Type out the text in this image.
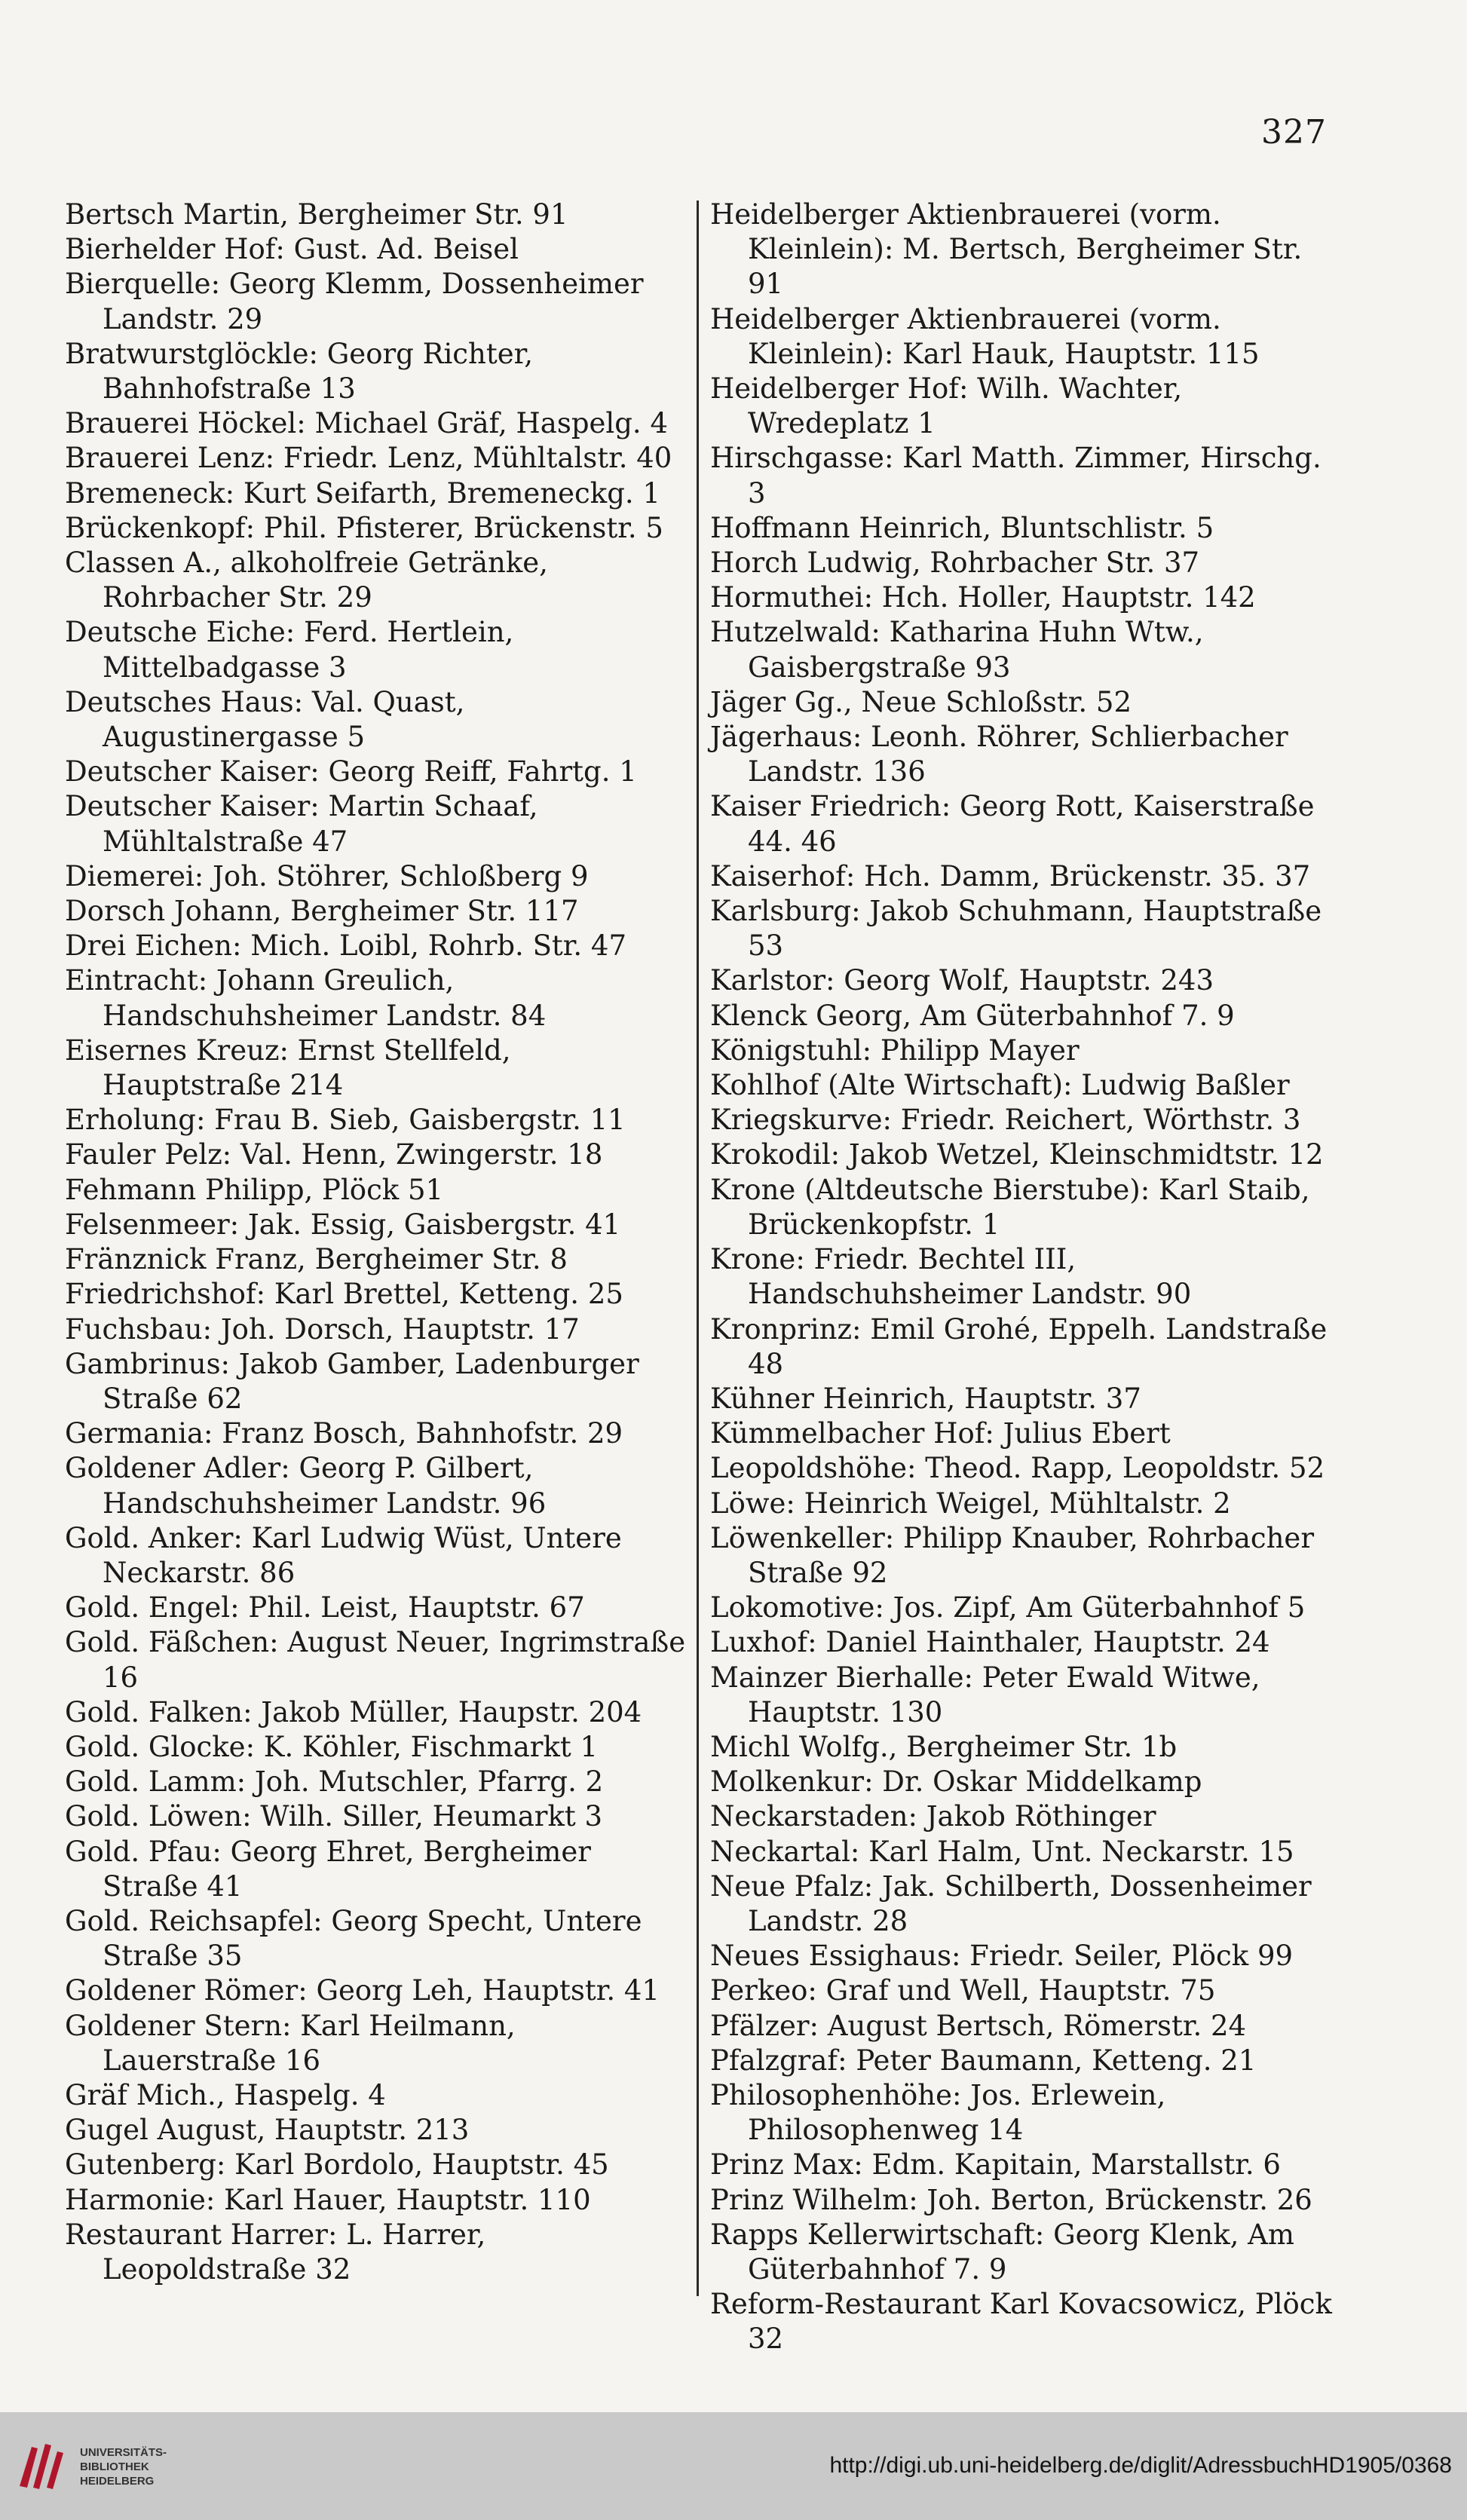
327
Bertsch Martin, Bergheimer Str. 91
Bierhelder Hof: Gust. Ad. Beisel
Bierquelle: Georg Klemm, Dossenheimer Landstr. 29
Bratwurstglöckle: Georg Richter, Bahnhofstraße 13
Brauerei Höckel: Michael Gräf, Haspelg. 4
Brauerei Lenz: Friedr. Lenz, Mühltalstr. 40
Bremeneck: Kurt Seifarth, Bremeneckg. 1
Brückenkopf: Phil. Pfisterer, Brückenstr. 5
Classen A., alkoholfreie Getränke, Rohrbacher Str. 29
Deutsche Eiche: Ferd. Hertlein, Mittelbadgasse 3
Deutsches Haus: Val. Quast, Augustinergasse 5
Deutscher Kaiser: Georg Reiff, Fahrtg. 1
Deutscher Kaiser: Martin Schaaf, Mühltalstraße 47
Diemerei: Joh. Stöhrer, Schloßberg 9
Dorsch Johann, Bergheimer Str. 117
Drei Eichen: Mich. Loibl, Rohrb. Str. 47
Eintracht: Johann Greulich, Handschuhsheimer Landstr. 84
Eisernes Kreuz: Ernst Stellfeld, Hauptstraße 214
Erholung: Frau B. Sieb, Gaisbergstr. 11
Fauler Pelz: Val. Henn, Zwingerstr. 18
Fehmann Philipp, Plöck 51
Felsenmeer: Jak. Essig, Gaisbergstr. 41
Fränznick Franz, Bergheimer Str. 8
Friedrichshof: Karl Brettel, Ketteng. 25
Fuchsbau: Joh. Dorsch, Hauptstr. 17
Gambrinus: Jakob Gamber, Ladenburger Straße 62
Germania: Franz Bosch, Bahnhofstr. 29
Goldener Adler: Georg P. Gilbert, Handschuhsheimer Landstr. 96
Gold. Anker: Karl Ludwig Wüst, Untere Neckarstr. 86
Gold. Engel: Phil. Leist, Hauptstr. 67
Gold. Fäßchen: August Neuer, Ingrimstraße 16
Gold. Falken: Jakob Müller, Haupstr. 204
Gold. Glocke: K. Köhler, Fischmarkt 1
Gold. Lamm: Joh. Mutschler, Pfarrg. 2
Gold. Löwen: Wilh. Siller, Heumarkt 3
Gold. Pfau: Georg Ehret, Bergheimer Straße 41
Gold. Reichsapfel: Georg Specht, Untere Straße 35
Goldener Römer: Georg Leh, Hauptstr. 41
Goldener Stern: Karl Heilmann, Lauerstraße 16
Gräf Mich., Haspelg. 4
Gugel August, Hauptstr. 213
Gutenberg: Karl Bordolo, Hauptstr. 45
Harmonie: Karl Hauer, Hauptstr. 110
Restaurant Harrer: L. Harrer, Leopoldstraße 32
Heidelberger Aktienbrauerei (vorm. Kleinlein): M. Bertsch, Bergheimer Str. 91
Heidelberger Aktienbrauerei (vorm. Kleinlein): Karl Hauk, Hauptstr. 115
Heidelberger Hof: Wilh. Wachter, Wredeplatz 1
Hirschgasse: Karl Matth. Zimmer, Hirschg. 3
Hoffmann Heinrich, Bluntschlistr. 5
Horch Ludwig, Rohrbacher Str. 37
Hormuthei: Hch. Holler, Hauptstr. 142
Hutzelwald: Katharina Huhn Wtw., Gaisbergstraße 93
Jäger Gg., Neue Schloßstr. 52
Jägerhaus: Leonh. Röhrer, Schlierbacher Landstr. 136
Kaiser Friedrich: Georg Rott, Kaiserstraße 44. 46
Kaiserhof: Hch. Damm, Brückenstr. 35. 37
Karlsburg: Jakob Schuhmann, Hauptstraße 53
Karlstor: Georg Wolf, Hauptstr. 243
Klenck Georg, Am Güterbahnhof 7. 9
Königstuhl: Philipp Mayer
Kohlhof (Alte Wirtschaft): Ludwig Baßler
Kriegskurve: Friedr. Reichert, Wörthstr. 3
Krokodil: Jakob Wetzel, Kleinschmidtstr. 12
Krone (Altdeutsche Bierstube): Karl Staib, Brückenkopfstr. 1
Krone: Friedr. Bechtel III, Handschuhsheimer Landstr. 90
Kronprinz: Emil Grohé, Eppelh. Landstraße 48
Kühner Heinrich, Hauptstr. 37
Kümmelbacher Hof: Julius Ebert
Leopoldshöhe: Theod. Rapp, Leopoldstr. 52
Löwe: Heinrich Weigel, Mühltalstr. 2
Löwenkeller: Philipp Knauber, Rohrbacher Straße 92
Lokomotive: Jos. Zipf, Am Güterbahnhof 5
Luxhof: Daniel Hainthaler, Hauptstr. 24
Mainzer Bierhalle: Peter Ewald Witwe, Hauptstr. 130
Michl Wolfg., Bergheimer Str. 1b
Molkenkur: Dr. Oskar Middelkamp
Neckarstaden: Jakob Röthinger
Neckartal: Karl Halm, Unt. Neckarstr. 15
Neue Pfalz: Jak. Schilberth, Dossenheimer Landstr. 28
Neues Essighaus: Friedr. Seiler, Plöck 99
Perkeo: Graf und Well, Hauptstr. 75
Pfälzer: August Bertsch, Römerstr. 24
Pfalzgraf: Peter Baumann, Ketteng. 21
Philosophenhöhe: Jos. Erlewein, Philosophenweg 14
Prinz Max: Edm. Kapitain, Marstallstr. 6
Prinz Wilhelm: Joh. Berton, Brückenstr. 26
Rapps Kellerwirtschaft: Georg Klenk, Am Güterbahnhof 7. 9
Reform-Restaurant Karl Kovacsowicz, Plöck 32
UNIVERSITÄTS-
BIBLIOTHEK
HEIDELBERG
http://digi.ub.uni-heidelberg.de/diglit/AdressbuchHD1905/0368
